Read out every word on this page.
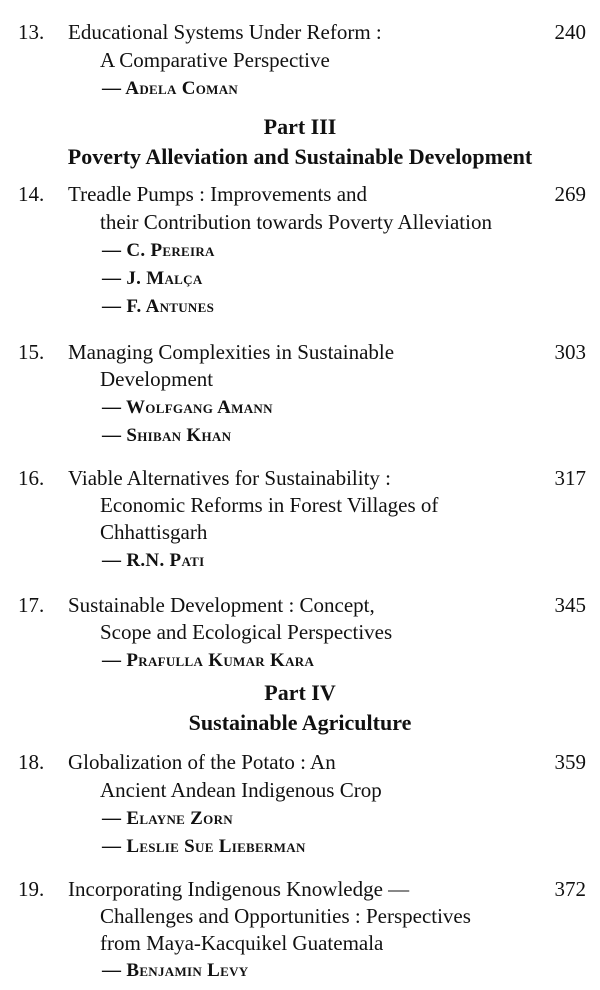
13. Educational Systems Under Reform :
A Comparative Perspective
— Adela Coman
240
Part III
Poverty Alleviation and Sustainable Development
14. Treadle Pumps : Improvements and
their Contribution towards Poverty Alleviation
— C. Pereira
— J. Malça
— F. Antunes
269
15. Managing Complexities in Sustainable
Development
— Wolfgang Amann
— Shiban Khan
303
16. Viable Alternatives for Sustainability :
Economic Reforms in Forest Villages of
Chhattisgarh
— R.N. Pati
317
17. Sustainable Development : Concept,
Scope and Ecological Perspectives
— Prafulla Kumar Kara
345
Part IV
Sustainable Agriculture
18. Globalization of the Potato : An
Ancient Andean Indigenous Crop
— Elayne Zorn
— Leslie Sue Lieberman
359
19. Incorporating Indigenous Knowledge —
Challenges and Opportunities : Perspectives
from Maya-Kacquikel Guatemala
— Benjamin Levy
372
